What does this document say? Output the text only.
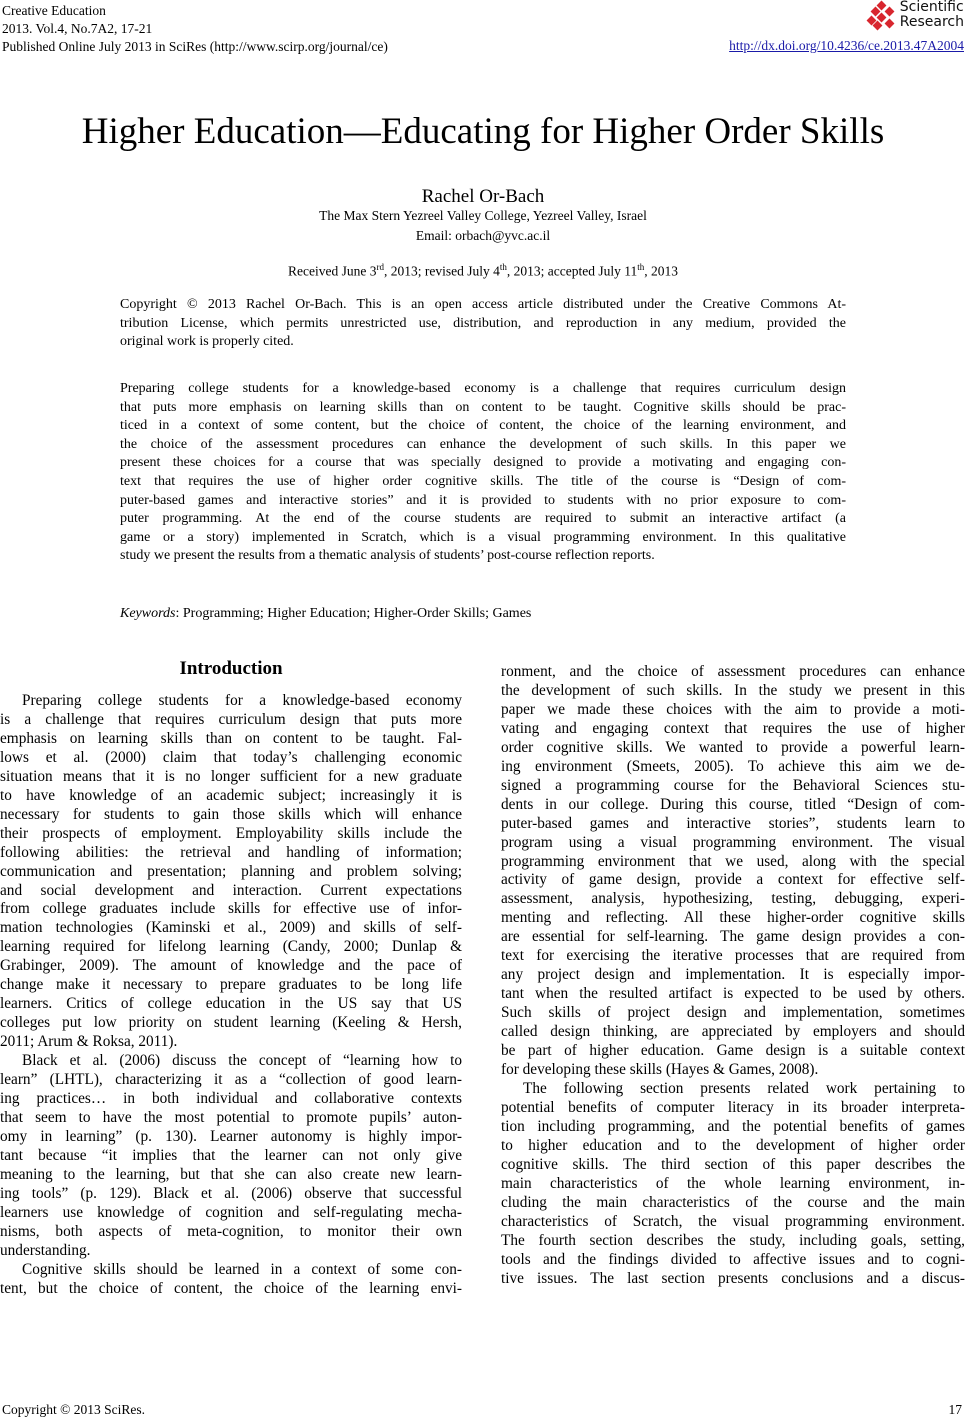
Creative Education
2013. Vol.4, No.7A2, 17-21
Published Online July 2013 in SciRes (http://www.scirp.org/journal/ce)
Scientific
Research
http://dx.doi.org/10.4236/ce.2013.47A2004
Higher Education—Educating for Higher Order Skills
Rachel Or-Bach
The Max Stern Yezreel Valley College, Yezreel Valley, Israel
Email: orbach@yvc.ac.il
Received June 3rd, 2013; revised July 4th, 2013; accepted July 11th, 2013
Copyright © 2013 Rachel Or-Bach. This is an open access article distributed under the Creative Commons At-
tribution License, which permits unrestricted use, distribution, and reproduction in any medium, provided the
original work is properly cited.
Preparing college students for a knowledge-based economy is a challenge that requires curriculum design
that puts more emphasis on learning skills than on content to be taught. Cognitive skills should be prac-
ticed in a context of some content, but the choice of content, the choice of the learning environment, and
the choice of the assessment procedures can enhance the development of such skills. In this paper we
present these choices for a course that was specially designed to provide a motivating and engaging con-
text that requires the use of higher order cognitive skills. The title of the course is “Design of com-
puter-based games and interactive stories” and it is provided to students with no prior exposure to com-
puter programming. At the end of the course students are required to submit an interactive artifact (a
game or a story) implemented in Scratch, which is a visual programming environment. In this qualitative
study we present the results from a thematic analysis of students’ post-course reflection reports.
Keywords: Programming; Higher Education; Higher-Order Skills; Games
Introduction
Preparing college students for a knowledge-based economy
is a challenge that requires curriculum design that puts more
emphasis on learning skills than on content to be taught. Fal-
lows et al. (2000) claim that today’s challenging economic
situation means that it is no longer sufficient for a new graduate
to have knowledge of an academic subject; increasingly it is
necessary for students to gain those skills which will enhance
their prospects of employment. Employability skills include the
following abilities: the retrieval and handling of information;
communication and presentation; planning and problem solving;
and social development and interaction. Current expectations
from college graduates include skills for effective use of infor-
mation technologies (Kaminski et al., 2009) and skills of self-
learning required for lifelong learning (Candy, 2000; Dunlap &
Grabinger, 2009). The amount of knowledge and the pace of
change make it necessary to prepare graduates to be long life
learners. Critics of college education in the US say that US
colleges put low priority on student learning (Keeling & Hersh,
2011; Arum & Roksa, 2011).
Black et al. (2006) discuss the concept of “learning how to
learn” (LHTL), characterizing it as a “collection of good learn-
ing practices… in both individual and collaborative contexts
that seem to have the most potential to promote pupils’ auton-
omy in learning” (p. 130). Learner autonomy is highly impor-
tant because “it implies that the learner can not only give
meaning to the learning, but that she can also create new learn-
ing tools” (p. 129). Black et al. (2006) observe that successful
learners use knowledge of cognition and self-regulating mecha-
nisms, both aspects of meta-cognition, to monitor their own
understanding.
Cognitive skills should be learned in a context of some con-
tent, but the choice of content, the choice of the learning envi-
ronment, and the choice of assessment procedures can enhance
the development of such skills. In the study we present in this
paper we made these choices with the aim to provide a moti-
vating and engaging context that requires the use of higher
order cognitive skills. We wanted to provide a powerful learn-
ing environment (Smeets, 2005). To achieve this aim we de-
signed a programming course for the Behavioral Sciences stu-
dents in our college. During this course, titled “Design of com-
puter-based games and interactive stories”, students learn to
program using a visual programming environment. The visual
programming environment that we used, along with the special
activity of game design, provide a context for effective self-
assessment, analysis, hypothesizing, testing, debugging, experi-
menting and reflecting. All these higher-order cognitive skills
are essential for self-learning. The game design provides a con-
text for exercising the iterative processes that are required from
any project design and implementation. It is especially impor-
tant when the resulted artifact is expected to be used by others.
Such skills of project design and implementation, sometimes
called design thinking, are appreciated by employers and should
be part of higher education. Game design is a suitable context
for developing these skills (Hayes & Games, 2008).
The following section presents related work pertaining to
potential benefits of computer literacy in its broader interpreta-
tion including programming, and the potential benefits of games
to higher education and to the development of higher order
cognitive skills. The third section of this paper describes the
main characteristics of the whole learning environment, in-
cluding the main characteristics of the course and the main
characteristics of Scratch, the visual programming environment.
The fourth section describes the study, including goals, setting,
tools and the findings divided to affective issues and to cogni-
tive issues. The last section presents conclusions and a discus-
Copyright © 2013 SciRes.	17
